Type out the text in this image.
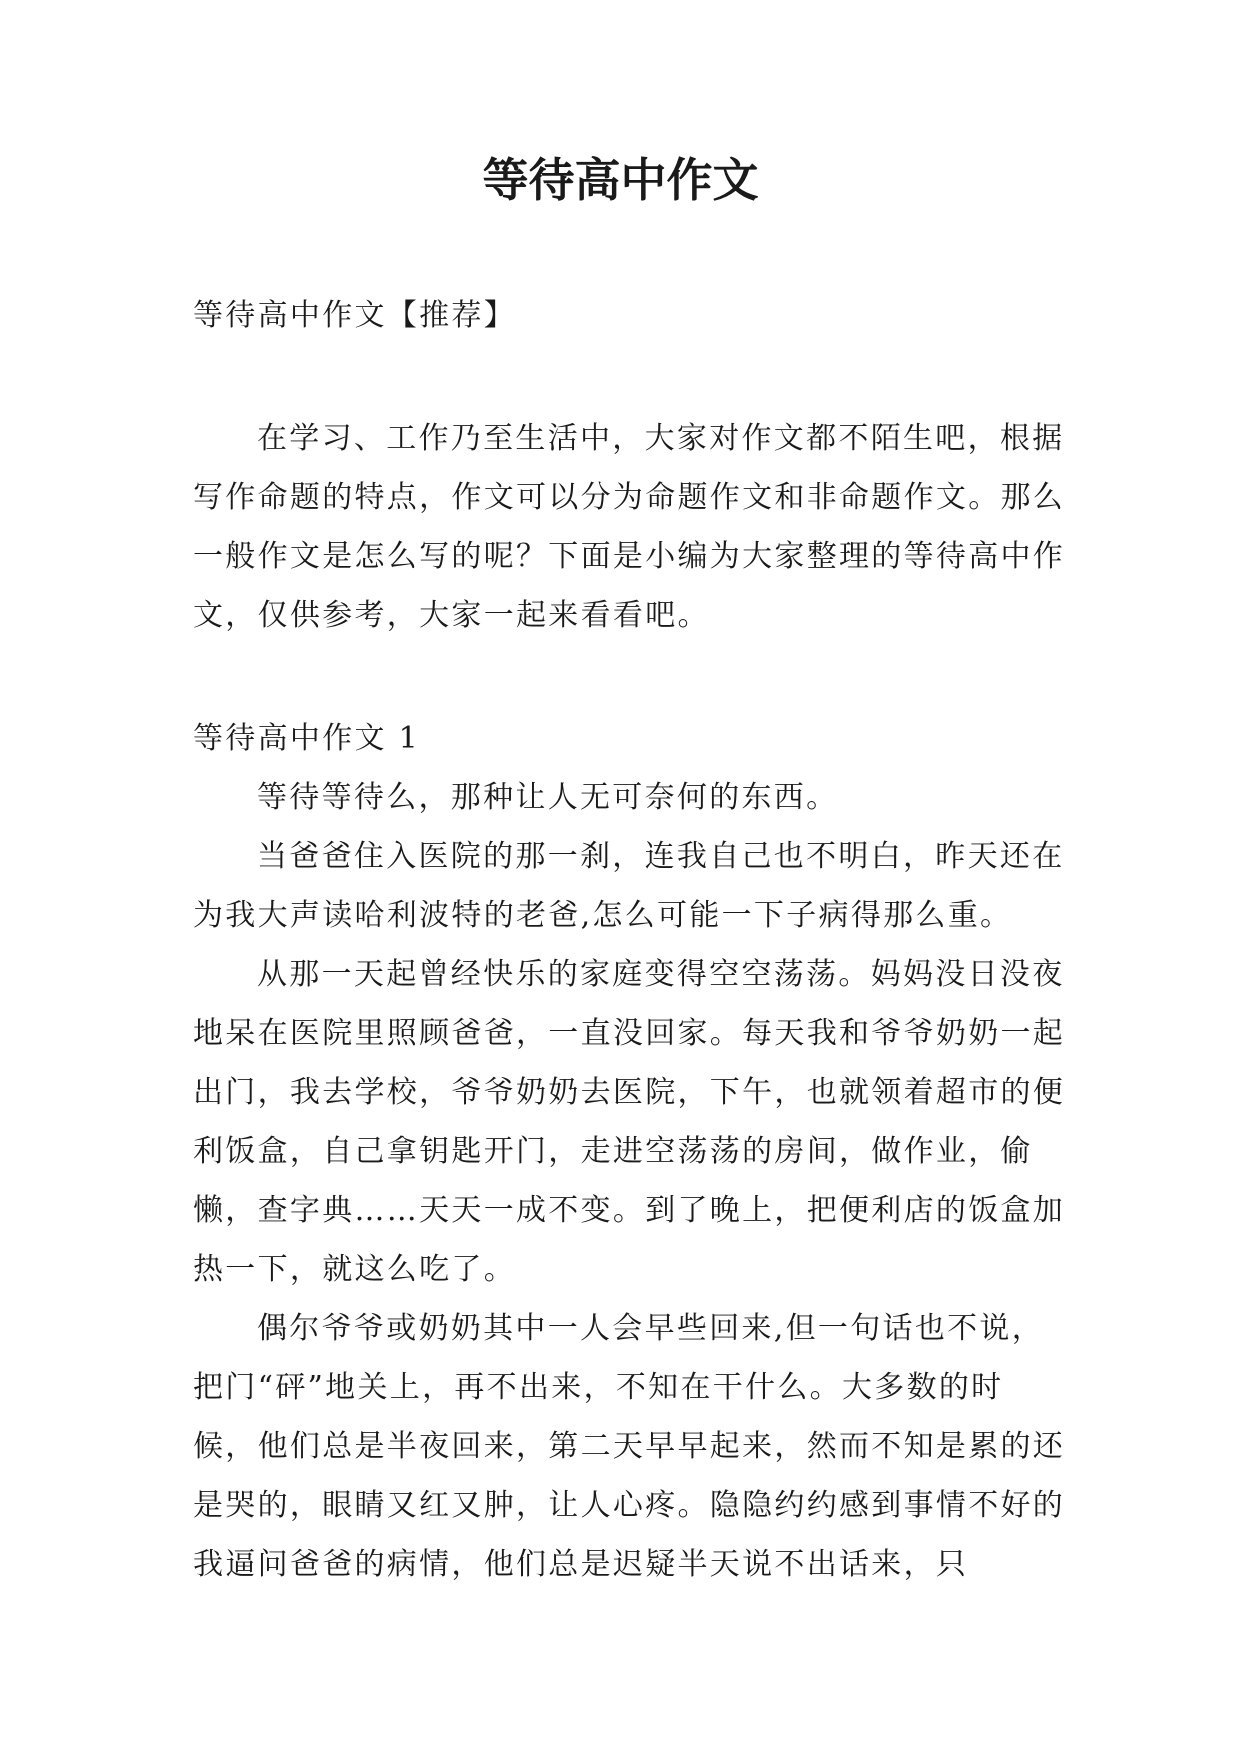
等待高中作文

等待高中作文【推荐】

在学习、工作乃至生活中，大家对作文都不陌生吧，根据写作命题的特点，作文可以分为命题作文和非命题作文。那么一般作文是怎么写的呢？下面是小编为大家整理的等待高中作文，仅供参考，大家一起来看看吧。

等待高中作文 1

等待等待么，那种让人无可奈何的东西。

当爸爸住入医院的那一刹，连我自己也不明白，昨天还在为我大声读哈利波特的老爸,怎么可能一下子病得那么重。

从那一天起曾经快乐的家庭变得空空荡荡。妈妈没日没夜地呆在医院里照顾爸爸，一直没回家。每天我和爷爷奶奶一起出门，我去学校，爷爷奶奶去医院，下午，也就领着超市的便利饭盒，自己拿钥匙开门，走进空荡荡的房间，做作业，偷懒，查字典……天天一成不变。到了晚上，把便利店的饭盒加热一下，就这么吃了。

偶尔爷爷或奶奶其中一人会早些回来,但一句话也不说，把门“砰”地关上，再不出来，不知在干什么。大多数的时候，他们总是半夜回来，第二天早早起来，然而不知是累的还是哭的，眼睛又红又肿，让人心疼。隐隐约约感到事情不好的我逼问爸爸的病情，他们总是迟疑半天说不出话来，只
